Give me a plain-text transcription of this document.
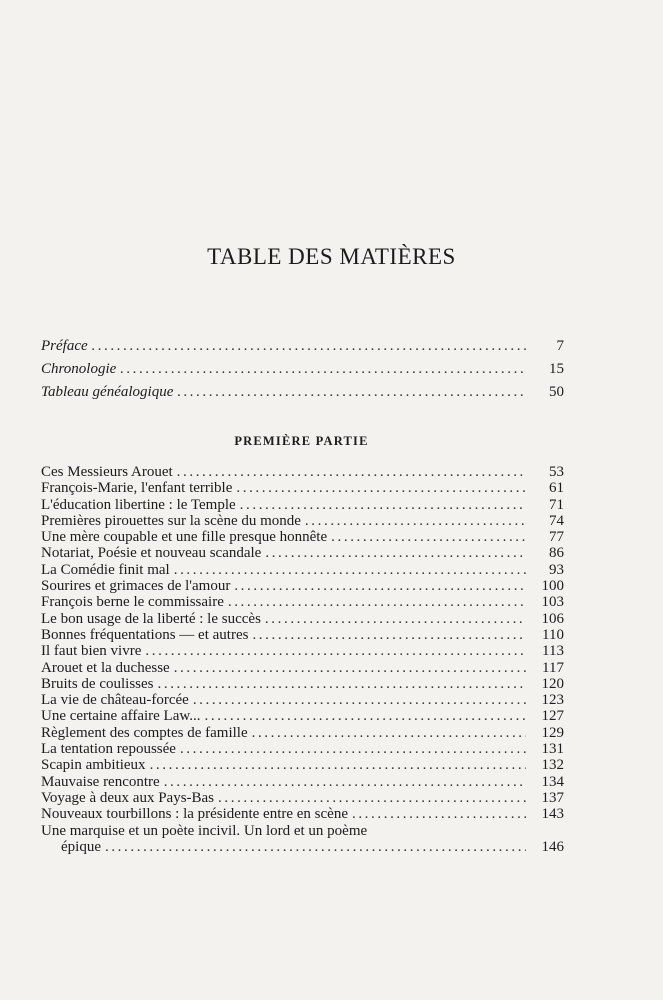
TABLE DES MATIÈRES
Préface .....	7
Chronologie .....	15
Tableau généalogique .....	50
PREMIÈRE PARTIE
Ces Messieurs Arouet .....	53
François-Marie, l'enfant terrible .....	61
L'éducation libertine : le Temple .....	71
Premières pirouettes sur la scène du monde .....	74
Une mère coupable et une fille presque honnête .....	77
Notariat, Poésie et nouveau scandale .....	86
La Comédie finit mal .....	93
Sourires et grimaces de l'amour .....	100
François berne le commissaire .....	103
Le bon usage de la liberté : le succès .....	106
Bonnes fréquentations — et autres .....	110
Il faut bien vivre .....	113
Arouet et la duchesse .....	117
Bruits de coulisses .....	120
La vie de château-forcée .....	123
Une certaine affaire Law... .....	127
Règlement des comptes de famille .....	129
La tentation repoussée .....	131
Scapin ambitieux .....	132
Mauvaise rencontre .....	134
Voyage à deux aux Pays-Bas .....	137
Nouveaux tourbillons : la présidente entre en scène .....	143
Une marquise et un poète incivil. Un lord et un poème
épique .....	146
